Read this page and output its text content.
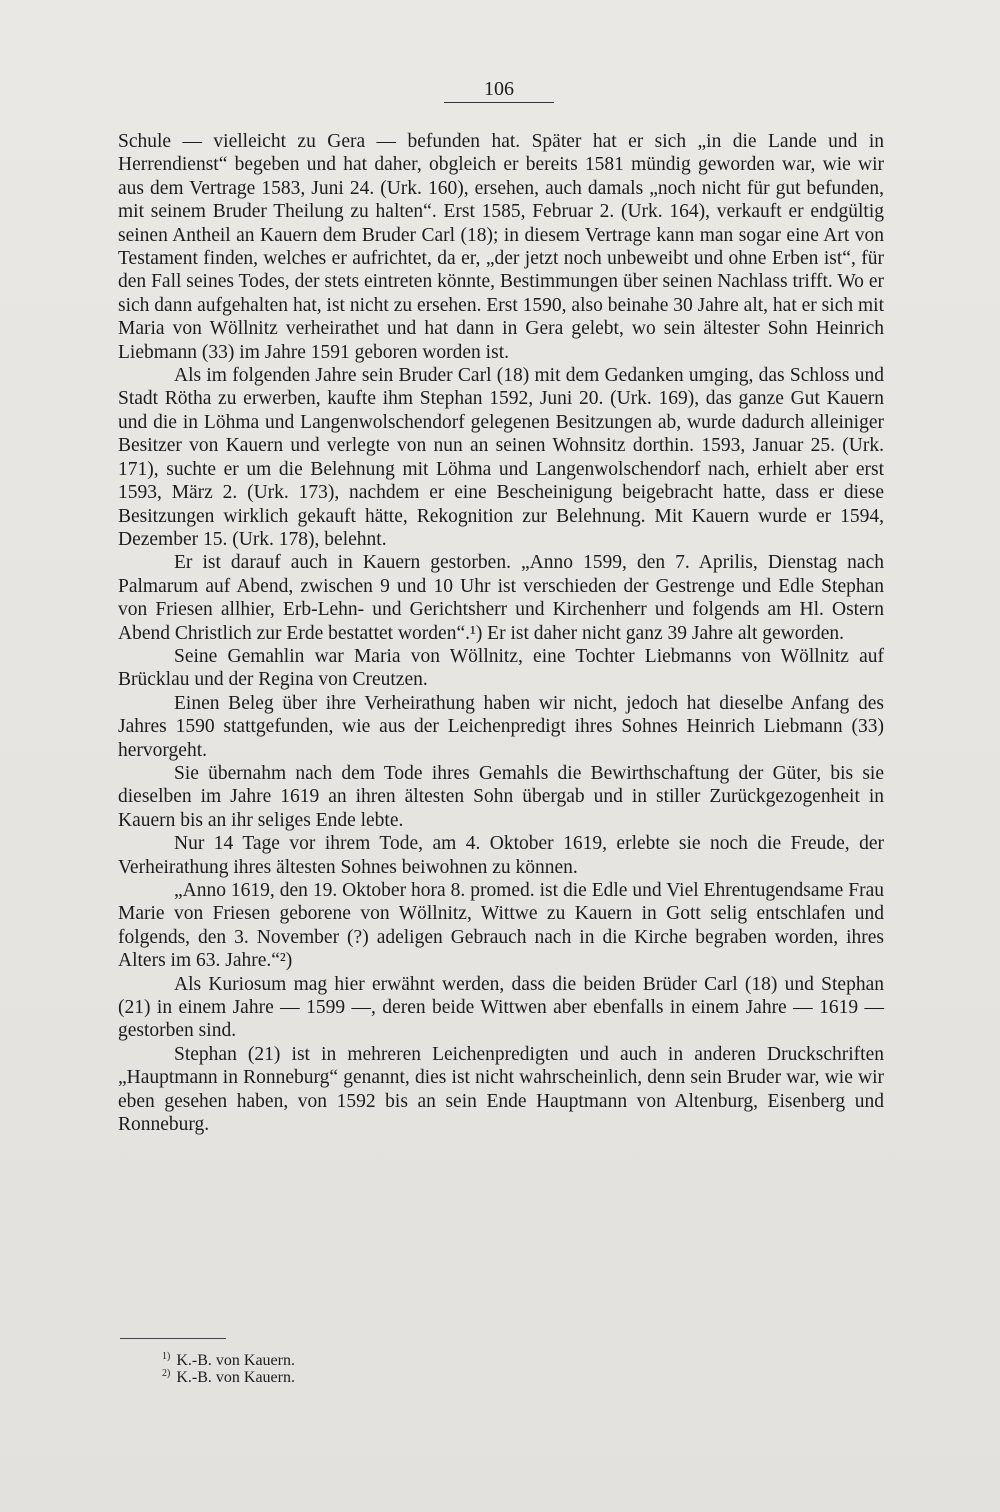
106

Schule — vielleicht zu Gera — befunden hat. Später hat er sich „in die Lande und in Herrendienst“ begeben und hat daher, obgleich er bereits 1581 mündig geworden war, wie wir aus dem Vertrage 1583, Juni 24. (Urk. 160), ersehen, auch damals „noch nicht für gut befunden, mit seinem Bruder Theilung zu halten“. Erst 1585, Februar 2. (Urk. 164), verkauft er endgültig seinen Antheil an Kauern dem Bruder Carl (18); in diesem Vertrage kann man sogar eine Art von Testament finden, welches er aufrichtet, da er, „der jetzt noch unbeweibt und ohne Erben ist“, für den Fall seines Todes, der stets eintreten könnte, Bestimmungen über seinen Nachlass trifft. Wo er sich dann aufgehalten hat, ist nicht zu ersehen. Erst 1590, also beinahe 30 Jahre alt, hat er sich mit Maria von Wöllnitz verheirathet und hat dann in Gera gelebt, wo sein ältester Sohn Heinrich Liebmann (33) im Jahre 1591 geboren worden ist.

Als im folgenden Jahre sein Bruder Carl (18) mit dem Gedanken umging, das Schloss und Stadt Rötha zu erwerben, kaufte ihm Stephan 1592, Juni 20. (Urk. 169), das ganze Gut Kauern und die in Löhma und Langenwolschendorf gelegenen Besitzungen ab, wurde dadurch alleiniger Besitzer von Kauern und verlegte von nun an seinen Wohnsitz dorthin. 1593, Januar 25. (Urk. 171), suchte er um die Belehnung mit Löhma und Langenwolschendorf nach, erhielt aber erst 1593, März 2. (Urk. 173), nachdem er eine Bescheinigung beigebracht hatte, dass er diese Besitzungen wirklich gekauft hätte, Rekognition zur Belehnung. Mit Kauern wurde er 1594, Dezember 15. (Urk. 178), belehnt.

Er ist darauf auch in Kauern gestorben. „Anno 1599, den 7. Aprilis, Dienstag nach Palmarum auf Abend, zwischen 9 und 10 Uhr ist verschieden der Gestrenge und Edle Stephan von Friesen allhier, Erb-Lehn- und Gerichtsherr und Kirchenherr und folgends am Hl. Ostern Abend Christlich zur Erde bestattet worden“.¹) Er ist daher nicht ganz 39 Jahre alt geworden.

Seine Gemahlin war Maria von Wöllnitz, eine Tochter Liebmanns von Wöllnitz auf Brücklau und der Regina von Creutzen.

Einen Beleg über ihre Verheirathung haben wir nicht, jedoch hat dieselbe Anfang des Jahres 1590 stattgefunden, wie aus der Leichenpredigt ihres Sohnes Heinrich Liebmann (33) hervorgeht.

Sie übernahm nach dem Tode ihres Gemahls die Bewirthschaftung der Güter, bis sie dieselben im Jahre 1619 an ihren ältesten Sohn übergab und in stiller Zurückgezogenheit in Kauern bis an ihr seliges Ende lebte.

Nur 14 Tage vor ihrem Tode, am 4. Oktober 1619, erlebte sie noch die Freude, der Verheirathung ihres ältesten Sohnes beiwohnen zu können.

„Anno 1619, den 19. Oktober hora 8. promed. ist die Edle und Viel Ehrentugendsame Frau Marie von Friesen geborene von Wöllnitz, Wittwe zu Kauern in Gott selig entschlafen und folgends, den 3. November (?) adeligen Gebrauch nach in die Kirche begraben worden, ihres Alters im 63. Jahre.“²)

Als Kuriosum mag hier erwähnt werden, dass die beiden Brüder Carl (18) und Stephan (21) in einem Jahre — 1599 —, deren beide Wittwen aber ebenfalls in einem Jahre — 1619 — gestorben sind.

Stephan (21) ist in mehreren Leichenpredigten und auch in anderen Druckschriften „Hauptmann in Ronneburg“ genannt, dies ist nicht wahrscheinlich, denn sein Bruder war, wie wir eben gesehen haben, von 1592 bis an sein Ende Hauptmann von Altenburg, Eisenberg und Ronneburg.

$^{1)}$ K.-B. von Kauern.
$^{2)}$ K.-B. von Kauern.
